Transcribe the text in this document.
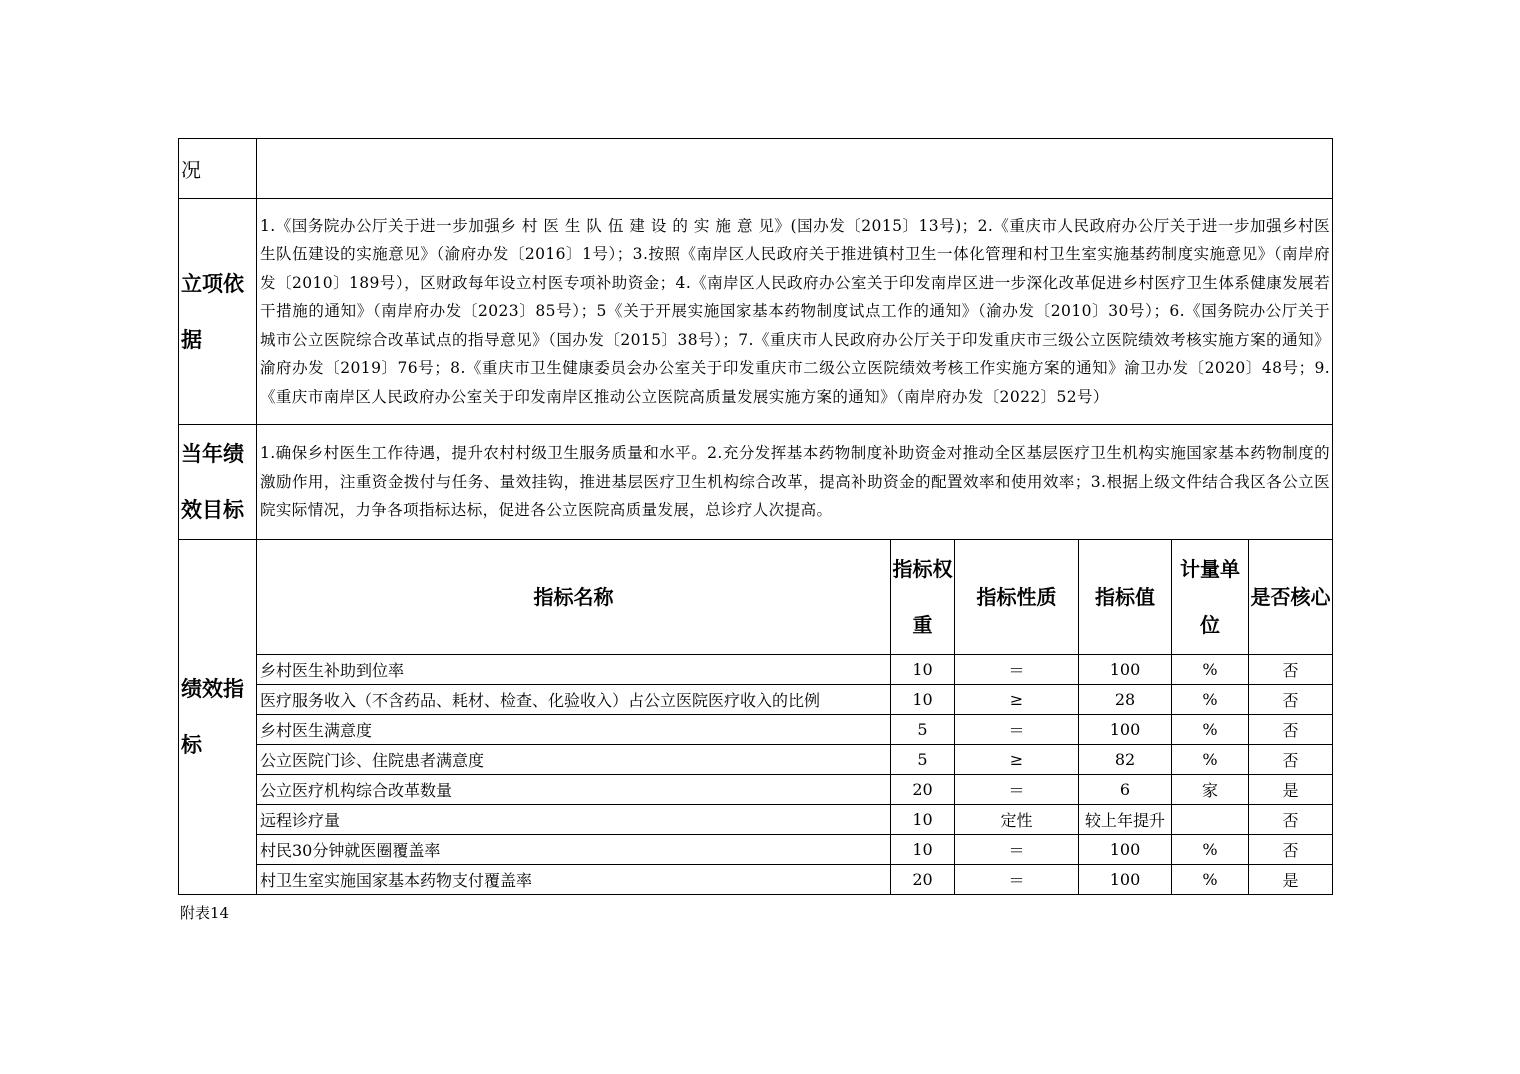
况						
立项依据	1.《国务院办公厅关于进一步加强乡 村 医 生 队 伍 建 设 的 实 施 意 见》(国办发〔2015〕13号)；2.《重庆市人民政府办公厅关于进一步加强乡村医生队伍建设的实施意见》（渝府办发〔2016〕1号）；3.按照《南岸区人民政府关于推进镇村卫生一体化管理和村卫生室实施基药制度实施意见》（南岸府发〔2010〕189号），区财政每年设立村医专项补助资金；4.《南岸区人民政府办公室关于印发南岸区进一步深化改革促进乡村医疗卫生体系健康发展若干措施的通知》（南岸府办发〔2023〕85号）；5《关于开展实施国家基本药物制度试点工作的通知》（渝办发〔2010〕30号）；6.《国务院办公厅关于城市公立医院综合改革试点的指导意见》（国办发〔2015〕38号）；7.《重庆市人民政府办公厅关于印发重庆市三级公立医院绩效考核实施方案的通知》渝府办发〔2019〕76号；8.《重庆市卫生健康委员会办公室关于印发重庆市二级公立医院绩效考核工作实施方案的通知》渝卫办发〔2020〕48号；9.《重庆市南岸区人民政府办公室关于印发南岸区推动公立医院高质量发展实施方案的通知》（南岸府办发〔2022〕52号）					
当年绩效目标	1.确保乡村医生工作待遇，提升农村村级卫生服务质量和水平。2.充分发挥基本药物制度补助资金对推动全区基层医疗卫生机构实施国家基本药物制度的激励作用，注重资金拨付与任务、量效挂钩，推进基层医疗卫生机构综合改革，提高补助资金的配置效率和使用效率；3.根据上级文件结合我区各公立医院实际情况，力争各项指标达标，促进各公立医院高质量发展，总诊疗人次提高。					
绩效指标	指标名称	指标权重	指标性质	指标值	计量单位	是否核心
	乡村医生补助到位率	10	＝	100	%	否
	医疗服务收入（不含药品、耗材、检查、化验收入）占公立医院医疗收入的比例	10	≥	28	%	否
	乡村医生满意度	5	＝	100	%	否
	公立医院门诊、住院患者满意度	5	≥	82	%	否
	公立医疗机构综合改革数量	20	＝	6	家	是
	远程诊疗量	10	定性	较上年提升		否
	村民30分钟就医圈覆盖率	10	＝	100	%	否
	村卫生室实施国家基本药物支付覆盖率	20	＝	100	%	是
附表14
